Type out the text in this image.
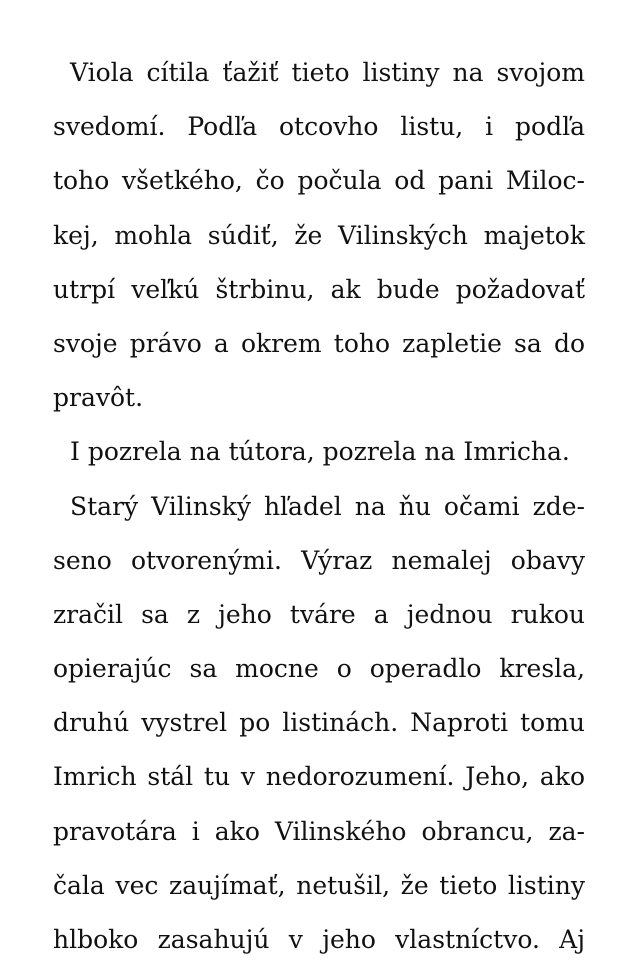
Viola cítila ťažiť tieto listiny na svojom
svedomí. Podľa otcovho listu, i podľa
toho všetkého, čo počula od pani Miloc-
kej, mohla súdiť, že Vilinských majetok
utrpí veľkú štrbinu, ak bude požadovať
svoje právo a okrem toho zapletie sa do
pravôt.
I pozrela na tútora, pozrela na Imricha.
Starý Vilinský hľadel na ňu očami zde-
seno otvorenými. Výraz nemalej obavy
zračil sa z jeho tváre a jednou rukou
opierajúc sa mocne o operadlo kresla,
druhú vystrel po listinách. Naproti tomu
Imrich stál tu v nedorozumení. Jeho, ako
pravotára i ako Vilinského obrancu, za-
čala vec zaujímať, netušil, že tieto listiny
hlboko zasahujú v jeho vlastníctvo. Aj
